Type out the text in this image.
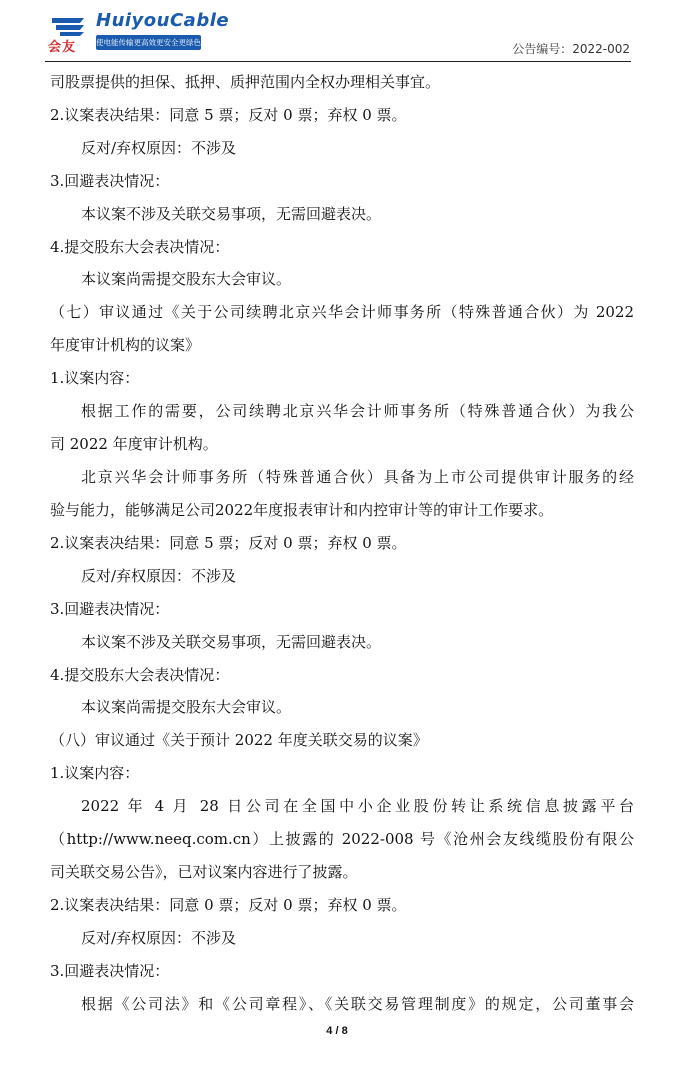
会友
HuiyouCable
使电能传输更高效更安全更绿色	公告编号：2022-002
司股票提供的担保、抵押、质押范围内全权办理相关事宜。
2.议案表决结果：同意 5 票；反对 0 票；弃权 0 票。
反对/弃权原因：不涉及
3.回避表决情况：
本议案不涉及关联交易事项，无需回避表决。
4.提交股东大会表决情况：
本议案尚需提交股东大会审议。
（七）审议通过《关于公司续聘北京兴华会计师事务所（特殊普通合伙）为 2022
年度审计机构的议案》
1.议案内容：
根据工作的需要，公司续聘北京兴华会计师事务所（特殊普通合伙）为我公
司 2022 年度审计机构。
北京兴华会计师事务所（特殊普通合伙）具备为上市公司提供审计服务的经
验与能力，能够满足公司2022年度报表审计和内控审计等的审计工作要求。
2.议案表决结果：同意 5 票；反对 0 票；弃权 0 票。
反对/弃权原因：不涉及
3.回避表决情况：
本议案不涉及关联交易事项，无需回避表决。
4.提交股东大会表决情况：
本议案尚需提交股东大会审议。
（八）审议通过《关于预计 2022 年度关联交易的议案》
1.议案内容：
2022 年 4 月 28 日公司在全国中小企业股份转让系统信息披露平台
（http://www.neeq.com.cn）上披露的 2022-008 号《沧州会友线缆股份有限公
司关联交易公告》，已对议案内容进行了披露。
2.议案表决结果：同意 0 票；反对 0 票；弃权 0 票。
反对/弃权原因：不涉及
3.回避表决情况：
根据《公司法》和《公司章程》、《关联交易管理制度》的规定，公司董事会
4 / 8
